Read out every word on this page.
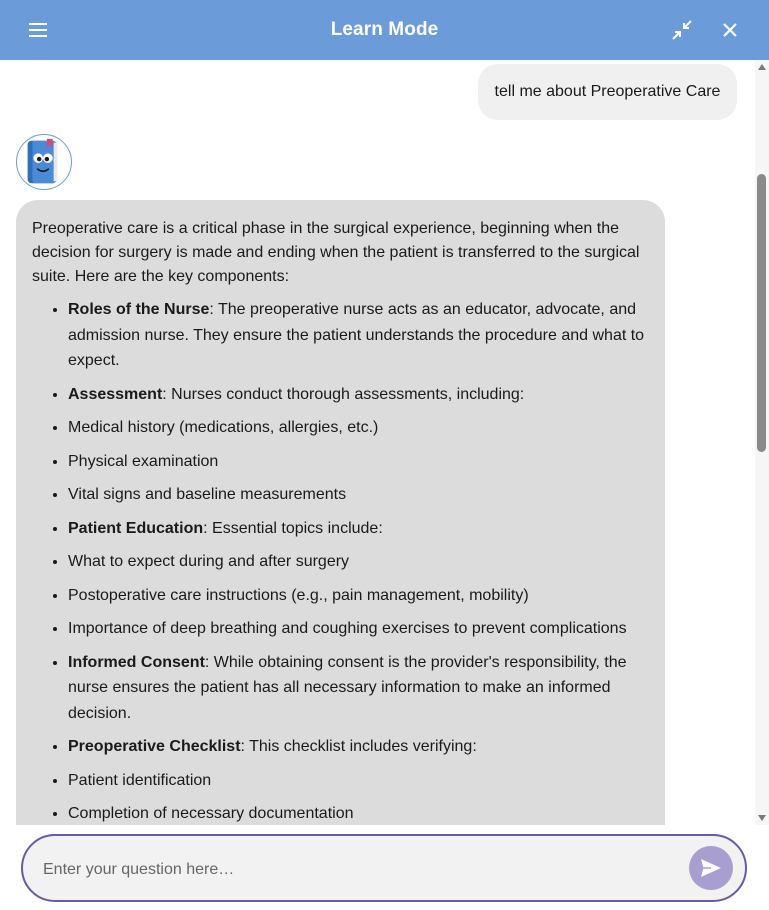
Learn Mode
tell me about Preoperative Care

Preoperative care is a critical phase in the surgical experience, beginning when the decision for surgery is made and ending when the patient is transferred to the surgical suite. Here are the key components:

• Roles of the Nurse: The preoperative nurse acts as an educator, advocate, and admission nurse. They ensure the patient understands the procedure and what to expect.
• Assessment: Nurses conduct thorough assessments, including:
• Medical history (medications, allergies, etc.)
• Physical examination
• Vital signs and baseline measurements
• Patient Education: Essential topics include:
• What to expect during and after surgery
• Postoperative care instructions (e.g., pain management, mobility)
• Importance of deep breathing and coughing exercises to prevent complications
• Informed Consent: While obtaining consent is the provider's responsibility, the nurse ensures the patient has all necessary information to make an informed decision.
• Preoperative Checklist: This checklist includes verifying:
• Patient identification
• Completion of necessary documentation
Enter your question here…
